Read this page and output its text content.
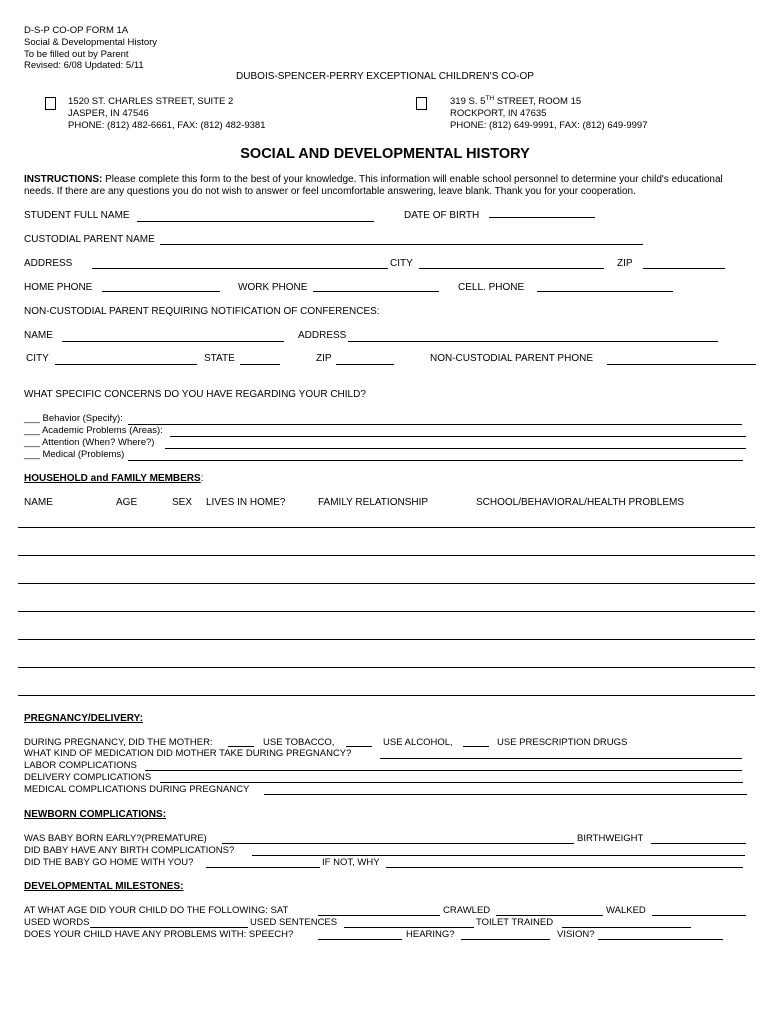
D-S-P CO-OP FORM 1A
Social & Developmental History
To be filled out by Parent
Revised: 6/08 Updated: 5/11
DUBOIS-SPENCER-PERRY EXCEPTIONAL CHILDREN'S CO-OP
1520 ST. CHARLES STREET, SUITE 2
JASPER, IN 47546
PHONE: (812) 482-6661, FAX: (812) 482-9381
319 S. 5TH STREET, ROOM 15
ROCKPORT, IN 47635
PHONE: (812) 649-9991, FAX: (812) 649-9997
SOCIAL AND DEVELOPMENTAL HISTORY
INSTRUCTIONS: Please complete this form to the best of your knowledge. This information will enable school personnel to determine your child's educational needs. If there are any questions you do not wish to answer or feel uncomfortable answering, leave blank. Thank you for your cooperation.
STUDENT FULL NAME	DATE OF BIRTH
CUSTODIAL PARENT NAME
ADDRESS	CITY	ZIP
HOME PHONE	WORK PHONE	CELL. PHONE
NON-CUSTODIAL PARENT REQUIRING NOTIFICATION OF CONFERENCES:
NAME	ADDRESS
CITY	STATE	ZIP	NON-CUSTODIAL PARENT PHONE
WHAT SPECIFIC CONCERNS DO YOU HAVE REGARDING YOUR CHILD?
___ Behavior (Specify):
___ Academic Problems (Areas):
___ Attention (When? Where?)
___ Medical (Problems)
HOUSEHOLD and FAMILY MEMBERS:
NAME	AGE	SEX LIVES IN HOME?	FAMILY RELATIONSHIP	SCHOOL/BEHAVIORAL/HEALTH PROBLEMS
PREGNANCY/DELIVERY:
DURING PREGNANCY, DID THE MOTHER:	USE TOBACCO,	USE ALCOHOL,	USE PRESCRIPTION DRUGS
WHAT KIND OF MEDICATION DID MOTHER TAKE DURING PREGNANCY?
LABOR COMPLICATIONS
DELIVERY COMPLICATIONS
MEDICAL COMPLICATIONS DURING PREGNANCY
NEWBORN COMPLICATIONS:
WAS BABY BORN EARLY?(PREMATURE)	BIRTHWEIGHT
DID BABY HAVE ANY BIRTH COMPLICATIONS?
DID THE BABY GO HOME WITH YOU?	IF NOT, WHY
DEVELOPMENTAL MILESTONES:
AT WHAT AGE DID YOUR CHILD DO THE FOLLOWING: SAT	CRAWLED	WALKED
USED WORDS	USED SENTENCES	TOILET TRAINED
DOES YOUR CHILD HAVE ANY PROBLEMS WITH: SPEECH?	HEARING?	VISION?
